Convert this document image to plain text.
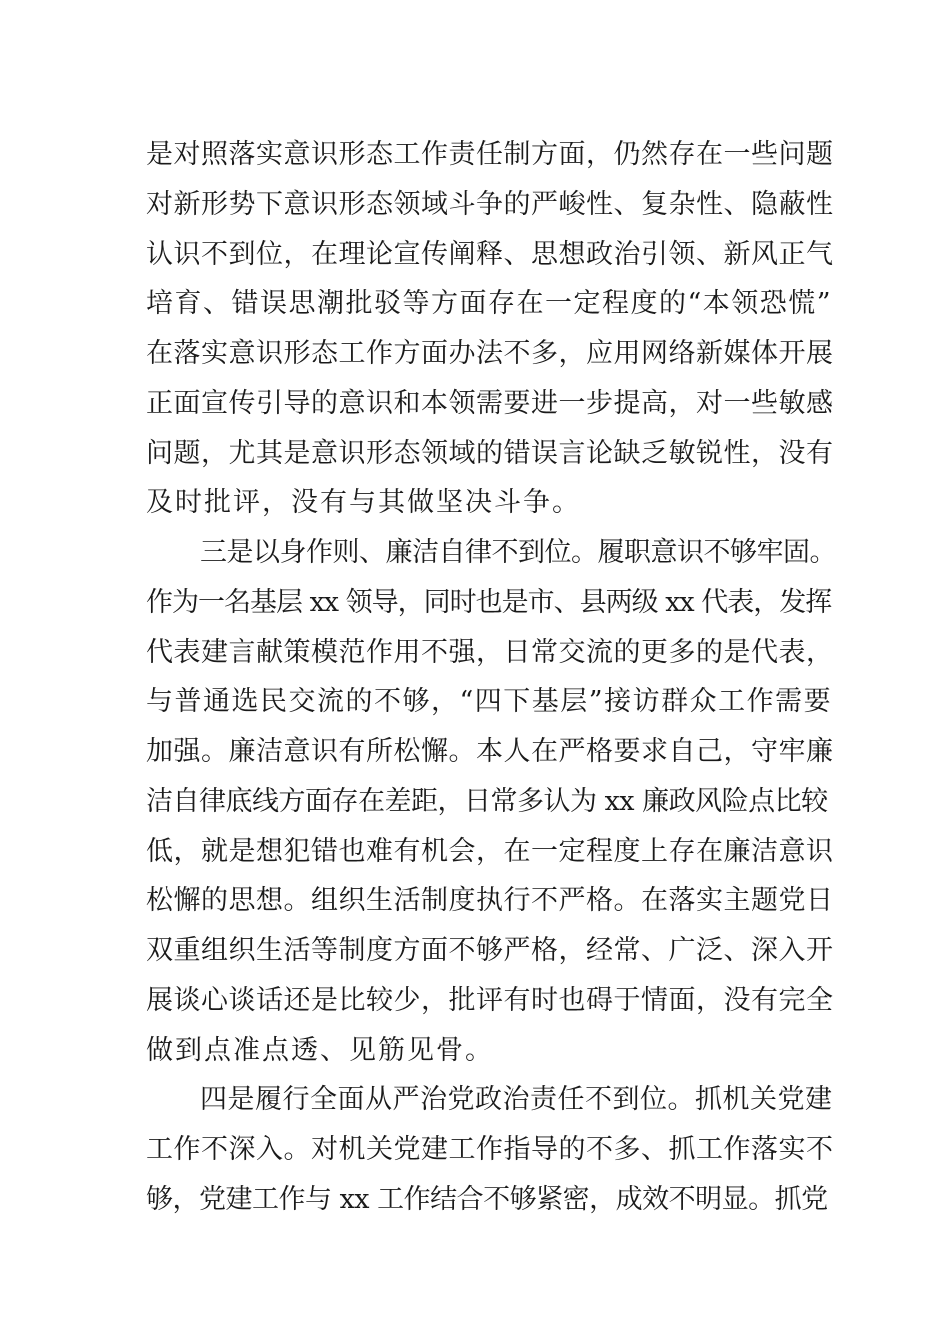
是对照落实意识形态工作责任制方面，仍然存在一些问题
对新形势下意识形态领域斗争的严峻性、复杂性、隐蔽性
认识不到位，在理论宣传阐释、思想政治引领、新风正气
培育、错误思潮批驳等方面存在一定程度的“本领恐慌”
在落实意识形态工作方面办法不多，应用网络新媒体开展
正面宣传引导的意识和本领需要进一步提高，对一些敏感
问题，尤其是意识形态领域的错误言论缺乏敏锐性，没有
及时批评，没有与其做坚决斗争。
三是以身作则、廉洁自律不到位。履职意识不够牢固。
作为一名基层 xx 领导，同时也是市、县两级 xx 代表，发挥
代表建言献策模范作用不强，日常交流的更多的是代表，
与普通选民交流的不够，“四下基层”接访群众工作需要
加强。廉洁意识有所松懈。本人在严格要求自己，守牢廉
洁自律底线方面存在差距，日常多认为 xx 廉政风险点比较
低，就是想犯错也难有机会，在一定程度上存在廉洁意识
松懈的思想。组织生活制度执行不严格。在落实主题党日
双重组织生活等制度方面不够严格，经常、广泛、深入开
展谈心谈话还是比较少，批评有时也碍于情面，没有完全
做到点准点透、见筋见骨。
四是履行全面从严治党政治责任不到位。抓机关党建
工作不深入。对机关党建工作指导的不多、抓工作落实不
够，党建工作与 xx 工作结合不够紧密，成效不明显。抓党
